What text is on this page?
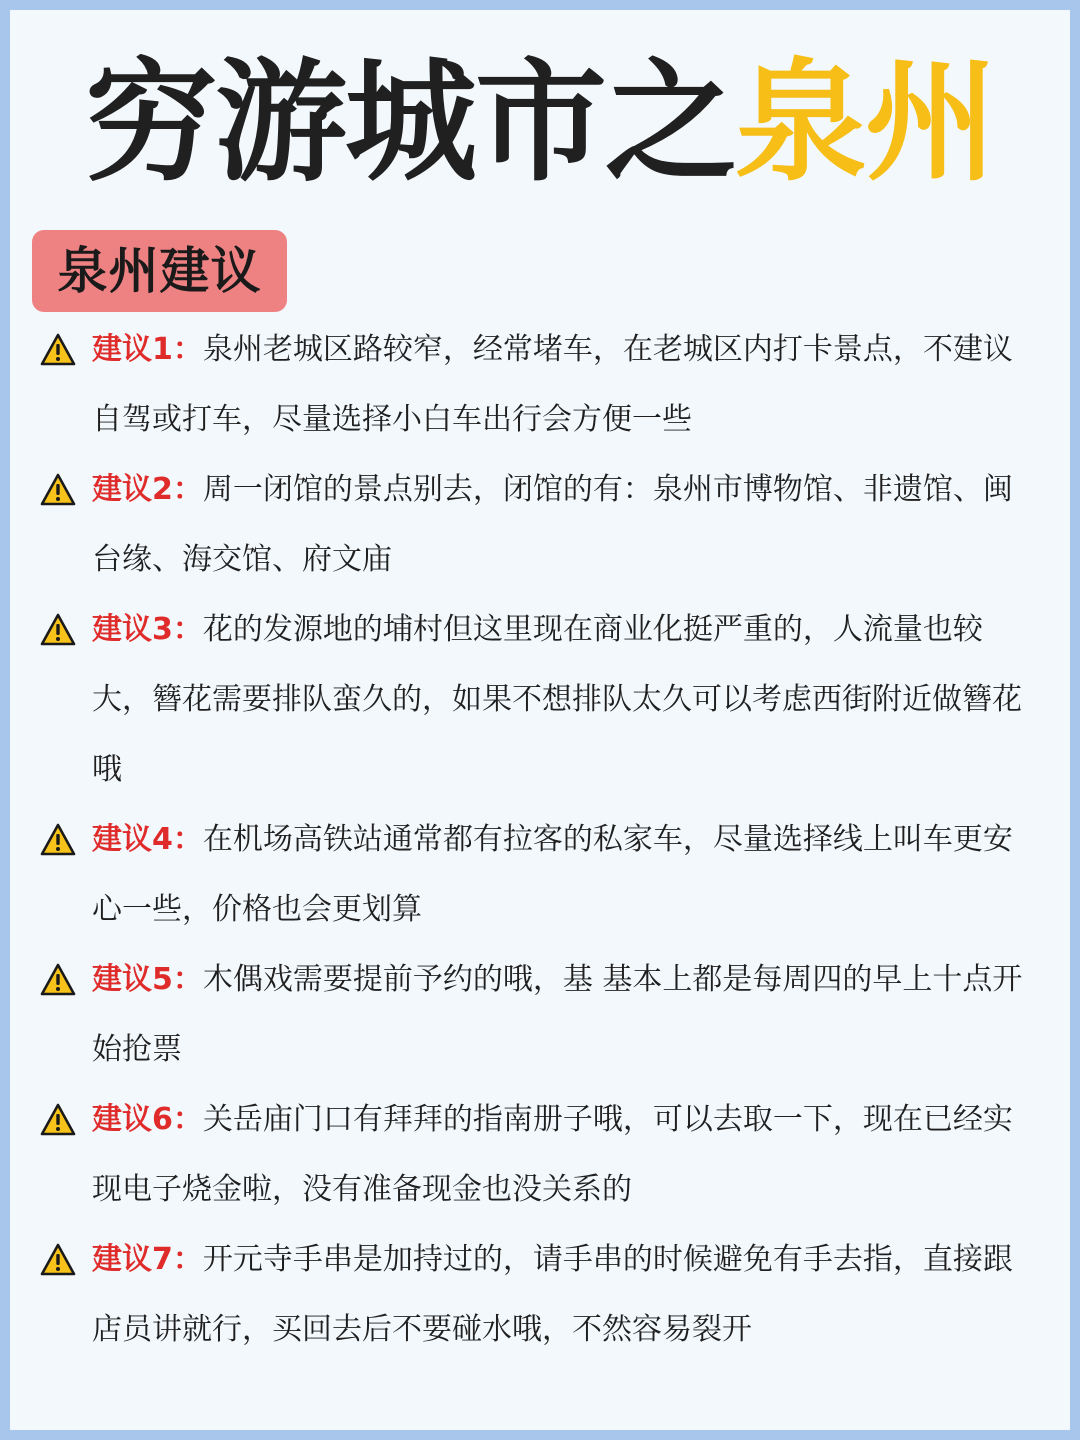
穷游城市之泉州
泉州建议
建议1：泉州老城区路较窄，经常堵车，在老城区内打卡景点，不建议自驾或打车，尽量选择小白车出行会方便一些
建议2：周一闭馆的景点别去，闭馆的有：泉州市博物馆、非遗馆、闽台缘、海交馆、府文庙
建议3：花的发源地的埔村但这里现在商业化挺严重的，人流量也较大，簪花需要排队蛮久的，如果不想排队太久可以考虑西街附近做簪花哦
建议4：在机场高铁站通常都有拉客的私家车，尽量选择线上叫车更安心一些，价格也会更划算
建议5：木偶戏需要提前予约的哦，基 基本上都是每周四的早上十点开始抢票
建议6：关岳庙门口有拜拜的指南册子哦，可以去取一下，现在已经实现电子烧金啦，没有准备现金也没关系的
建议7：开元寺手串是加持过的，请手串的时候避免有手去指，直接跟店员讲就行，买回去后不要碰水哦，不然容易裂开
